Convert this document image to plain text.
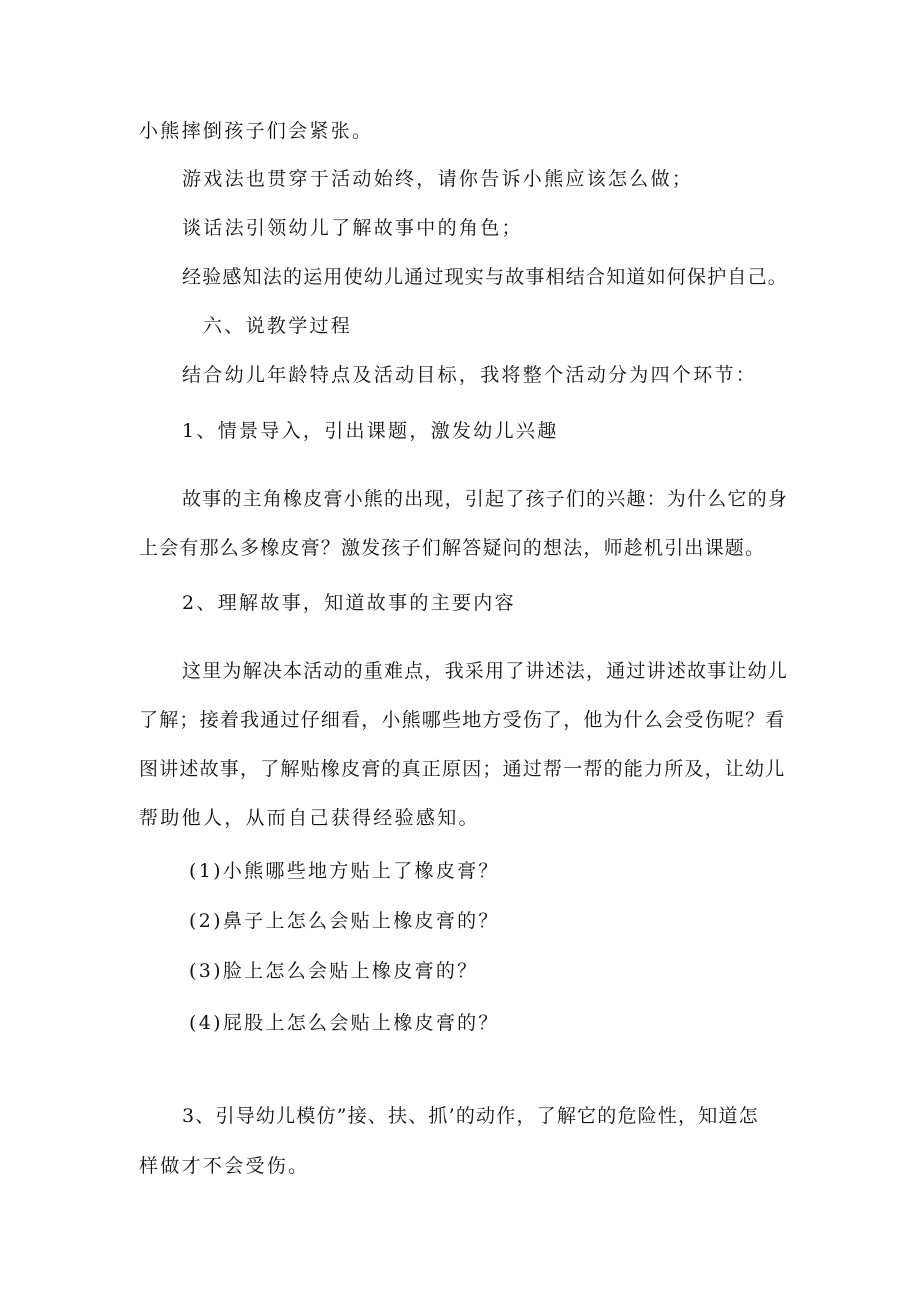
小熊摔倒孩子们会紧张。
游戏法也贯穿于活动始终，请你告诉小熊应该怎么做；
谈话法引领幼儿了解故事中的角色；
经验感知法的运用使幼儿通过现实与故事相结合知道如何保护自己。
六、说教学过程
结合幼儿年龄特点及活动目标，我将整个活动分为四个环节：
1、情景导入，引出课题，激发幼儿兴趣
故事的主角橡皮膏小熊的出现，引起了孩子们的兴趣：为什么它的身
上会有那么多橡皮膏？激发孩子们解答疑问的想法，师趁机引出课题。
2、理解故事，知道故事的主要内容
这里为解决本活动的重难点，我采用了讲述法，通过讲述故事让幼儿
了解；接着我通过仔细看，小熊哪些地方受伤了，他为什么会受伤呢？看
图讲述故事，了解贴橡皮膏的真正原因；通过帮一帮的能力所及，让幼儿
帮助他人，从而自己获得经验感知。
(1)小熊哪些地方贴上了橡皮膏？
(2)鼻子上怎么会贴上橡皮膏的？
(3)脸上怎么会贴上橡皮膏的？
(4)屁股上怎么会贴上橡皮膏的？
3、引导幼儿模仿”接、扶、抓’的动作，了解它的危险性，知道怎
样做才不会受伤。
